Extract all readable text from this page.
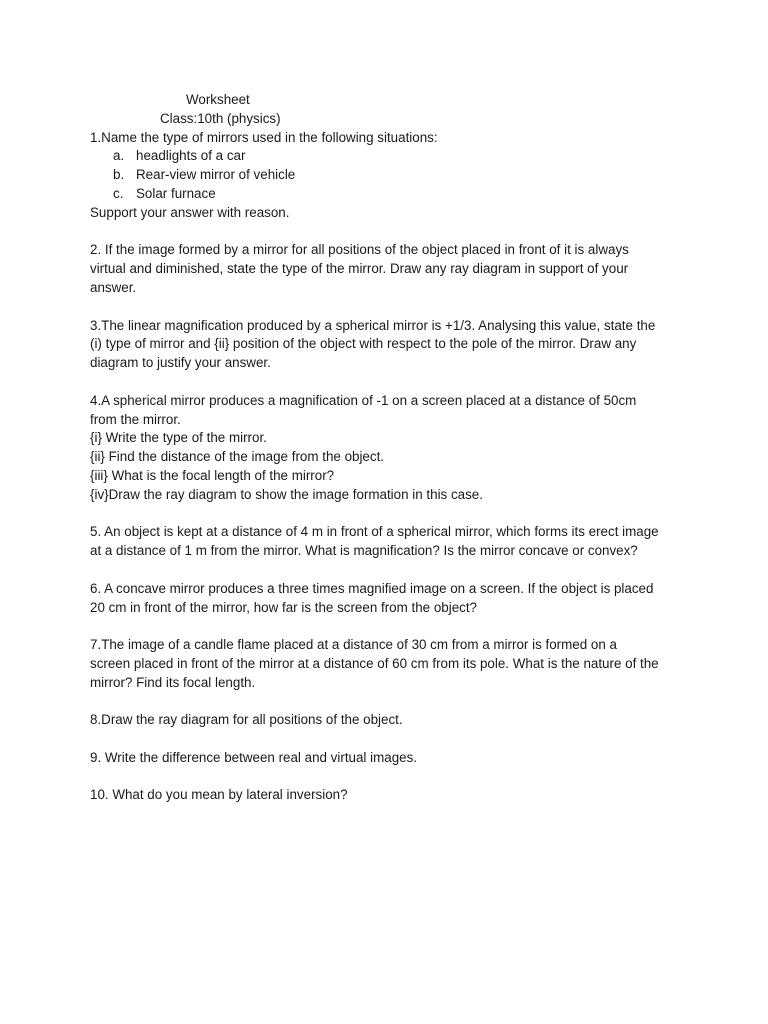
Worksheet
Class:10th (physics)
1.Name the type of mirrors used in the following situations:
a. headlights of a car
b. Rear-view mirror of vehicle
c. Solar furnace
Support your answer with reason.
2. If the image formed by a mirror for all positions of the object placed in front of it is always
virtual and diminished, state the type of the mirror. Draw any ray diagram in support of your
answer.
3.The linear magnification produced by a spherical mirror is +1/3. Analysing this value, state the
(i) type of mirror and {ii} position of the object with respect to the pole of the mirror. Draw any
diagram to justify your answer.
4.A spherical mirror produces a magnification of -1 on a screen placed at a distance of 50cm
from the mirror.
{i} Write the type of the mirror.
{ii} Find the distance of the image from the object.
{iii} What is the focal length of the mirror?
{iv}Draw the ray diagram to show the image formation in this case.
5. An object is kept at a distance of 4 m in front of a spherical mirror, which forms its erect image
at a distance of 1 m from the mirror. What is magnification? Is the mirror concave or convex?
6. A concave mirror produces a three times magnified image on a screen. If the object is placed
20 cm in front of the mirror, how far is the screen from the object?
7.The image of a candle flame placed at a distance of 30 cm from a mirror is formed on a
screen placed in front of the mirror at a distance of 60 cm from its pole. What is the nature of the
mirror? Find its focal length.
8.Draw the ray diagram for all positions of the object.
9. Write the difference between real and virtual images.
10. What do you mean by lateral inversion?
